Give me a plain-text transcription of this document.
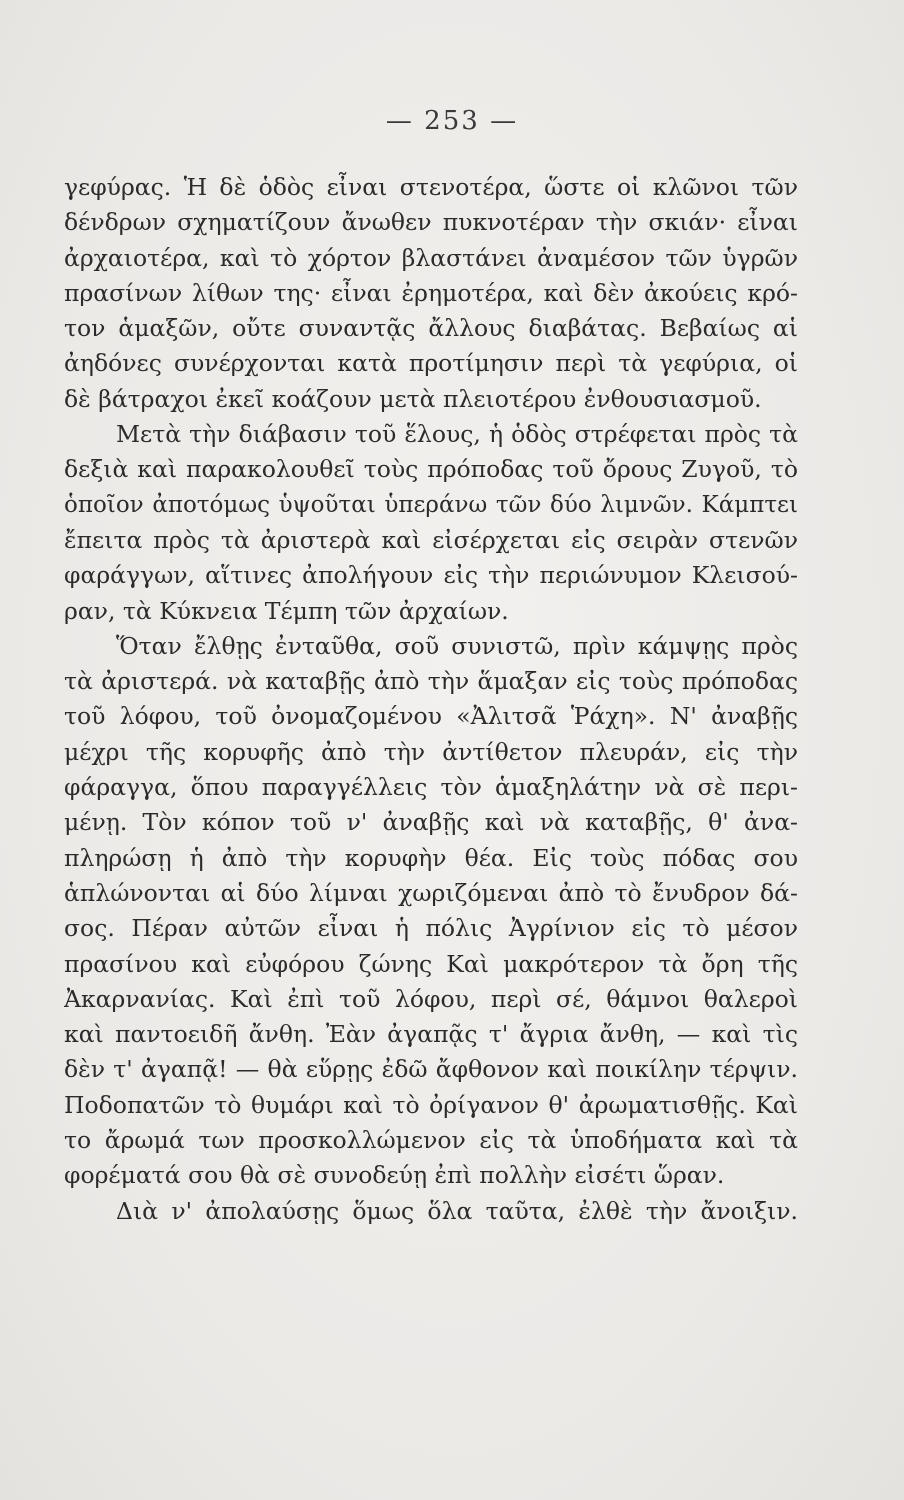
— 253 —
γεφύρας. Ἡ δὲ ὁδὸς εἶναι στενοτέρα, ὥστε οἱ κλῶνοι τῶν
δένδρων σχηματίζουν ἄνωθεν πυκνοτέραν τὴν σκιάν· εἶναι
ἀρχαιοτέρα, καὶ τὸ χόρτον βλαστάνει ἀναμέσον τῶν ὑγρῶν
πρασίνων λίθων της· εἶναι ἐρημοτέρα, καὶ δὲν ἀκούεις κρό-
τον ἁμαξῶν, οὔτε συναντᾷς ἄλλους διαβάτας. Βεβαίως αἱ
ἀηδόνες συνέρχονται κατὰ προτίμησιν περὶ τὰ γεφύρια, οἱ
δὲ βάτραχοι ἐκεῖ κοάζουν μετὰ πλειοτέρου ἐνθουσιασμοῦ.
Μετὰ τὴν διάβασιν τοῦ ἕλους, ἡ ὁδὸς στρέφεται πρὸς τὰ
δεξιὰ καὶ παρακολουθεῖ τοὺς πρόποδας τοῦ ὄρους Ζυγοῦ, τὸ
ὁποῖον ἀποτόμως ὑψοῦται ὑπεράνω τῶν δύο λιμνῶν. Κάμπτει
ἔπειτα πρὸς τὰ ἀριστερὰ καὶ εἰσέρχεται εἰς σειρὰν στενῶν
φαράγγων, αἵτινες ἀπολήγουν εἰς τὴν περιώνυμον Κλεισού-
ραν, τὰ Κύκνεια Τέμπη τῶν ἀρχαίων.
Ὅταν ἔλθῃς ἐνταῦθα, σοῦ συνιστῶ, πρὶν κάμψῃς πρὸς
τὰ ἀριστερά. νὰ καταβῇς ἀπὸ τὴν ἅμαξαν εἰς τοὺς πρόποδας
τοῦ λόφου, τοῦ ὀνομαζομένου «Ἀλιτσᾶ Ῥάχη». Ν' ἀναβῇς
μέχρι τῆς κορυφῆς ἀπὸ τὴν ἀντίθετον πλευράν, εἰς τὴν
φάραγγα, ὅπου παραγγέλλεις τὸν ἁμαξηλάτην νὰ σὲ περι-
μένῃ. Τὸν κόπον τοῦ ν' ἀναβῇς καὶ νὰ καταβῇς, θ' ἀνα-
πληρώσῃ ἡ ἀπὸ τὴν κορυφὴν θέα. Εἰς τοὺς πόδας σου
ἁπλώνονται αἱ δύο λίμναι χωριζόμεναι ἀπὸ τὸ ἔνυδρον δά-
σος. Πέραν αὐτῶν εἶναι ἡ πόλις Ἀγρίνιον εἰς τὸ μέσον
πρασίνου καὶ εὐφόρου ζώνης Καὶ μακρότερον τὰ ὄρη τῆς
Ἀκαρνανίας. Καὶ ἐπὶ τοῦ λόφου, περὶ σέ, θάμνοι θαλεροὶ
καὶ παντοειδῆ ἄνθη. Ἐὰν ἀγαπᾷς τ' ἄγρια ἄνθη, — καὶ τὶς
δὲν τ' ἀγαπᾷ! — θὰ εὕρῃς ἐδῶ ἄφθονον καὶ ποικίλην τέρψιν.
Ποδοπατῶν τὸ θυμάρι καὶ τὸ ὀρίγανον θ' ἀρωματισθῇς. Καὶ
το ἄρωμά των προσκολλώμενον εἰς τὰ ὑποδήματα καὶ τὰ
φορέματά σου θὰ σὲ συνοδεύῃ ἐπὶ πολλὴν εἰσέτι ὥραν.
Διὰ ν' ἀπολαύσῃς ὅμως ὅλα ταῦτα, ἐλθὲ τὴν ἄνοιξιν.
